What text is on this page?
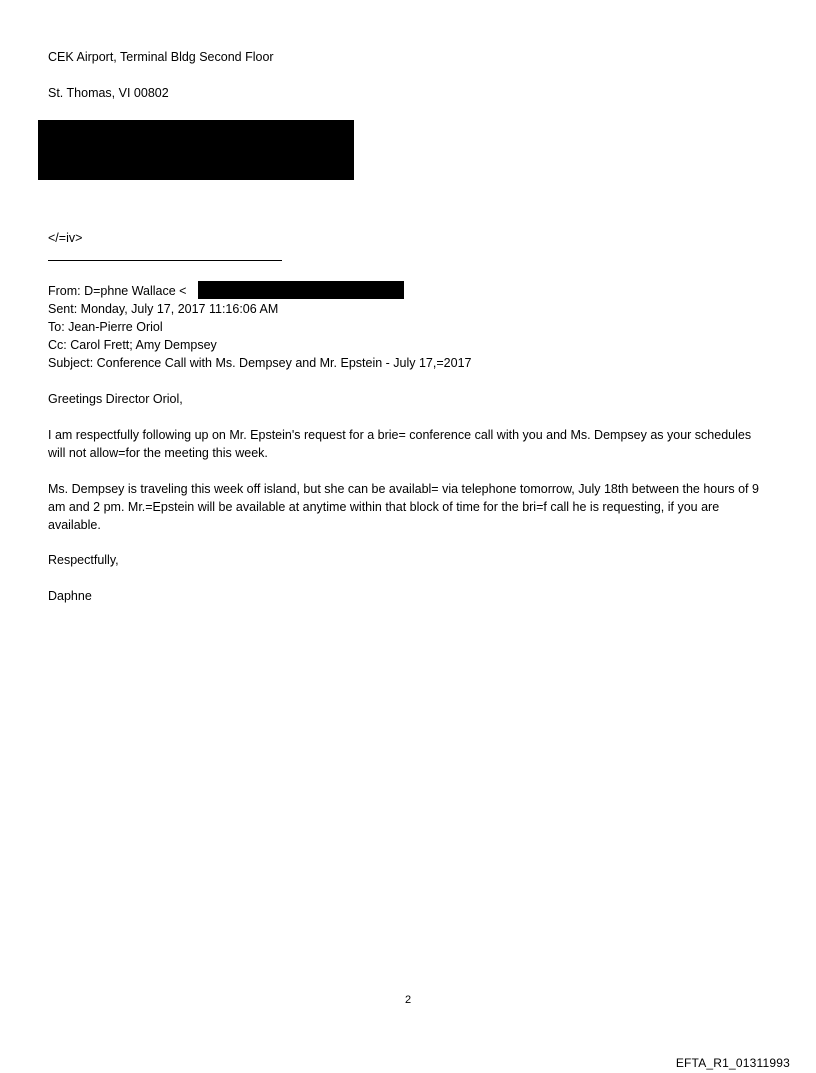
CEK Airport, Terminal Bldg Second Floor
St. Thomas, VI 00802
</=iv>
From: D=phne Wallace <
Sent: Monday, July 17, 2017 11:16:06 AM
To: Jean-Pierre Oriol
Cc: Carol Frett; Amy Dempsey
Subject: Conference Call with Ms. Dempsey and Mr. Epstein - July 17,=2017
Greetings Director Oriol,
I am respectfully following up on Mr. Epstein's request for a brie= conference call with you and Ms. Dempsey as your schedules will not allow=for the meeting this week.
Ms. Dempsey is traveling this week off island, but she can be availabl= via telephone tomorrow, July 18th between the hours of 9 am and 2 pm. Mr.=Epstein will be available at anytime within that block of time for the bri=f call he is requesting, if you are available.
Respectfully,
Daphne
2
EFTA_R1_01311993
